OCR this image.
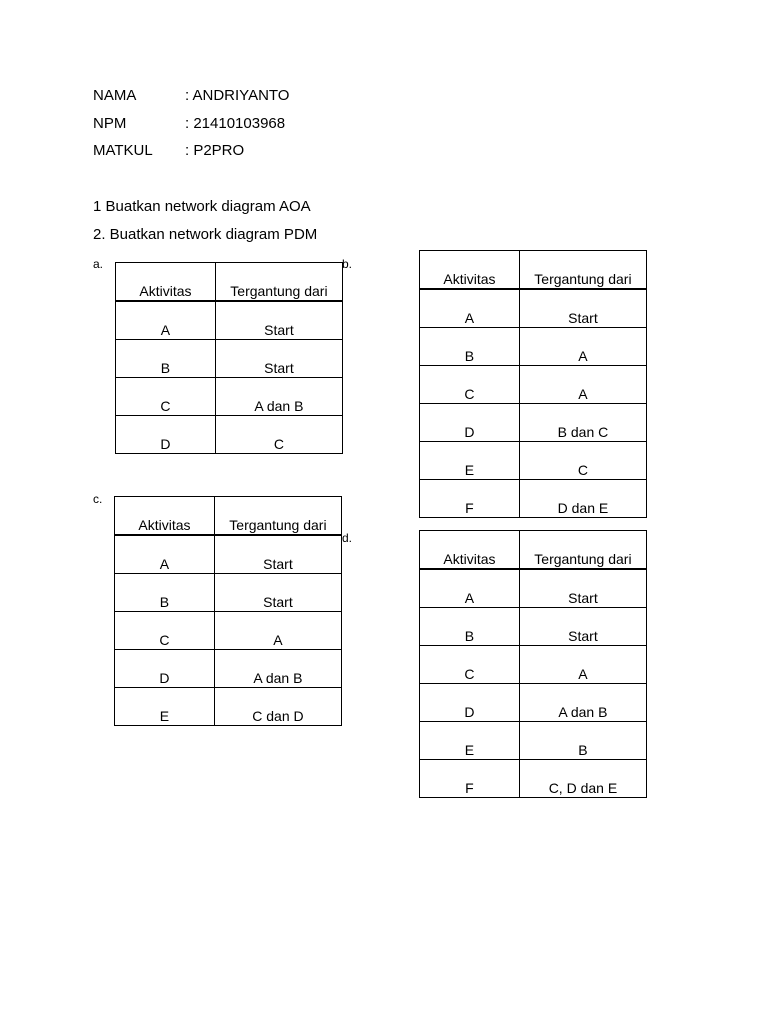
NAMA	: ANDRIYANTO
NPM	: 21410103968
MATKUL : P2PRO
1 Buatkan network diagram AOA
2. Buatkan network diagram PDM
a.	b.
c.
d.
Aktivitas	Tergantung dari
A	Start
B	Start
C	A dan B
D	C
Aktivitas	Tergantung dari
A	Start
B	A
C	A
D	B dan C
E	C
F	D dan E
Aktivitas	Tergantung dari
A	Start
B	Start
C	A
D	A dan B
E	C dan D
Aktivitas	Tergantung dari
A	Start
B	Start
C	A
D	A dan B
E	B
F	C, D dan E
